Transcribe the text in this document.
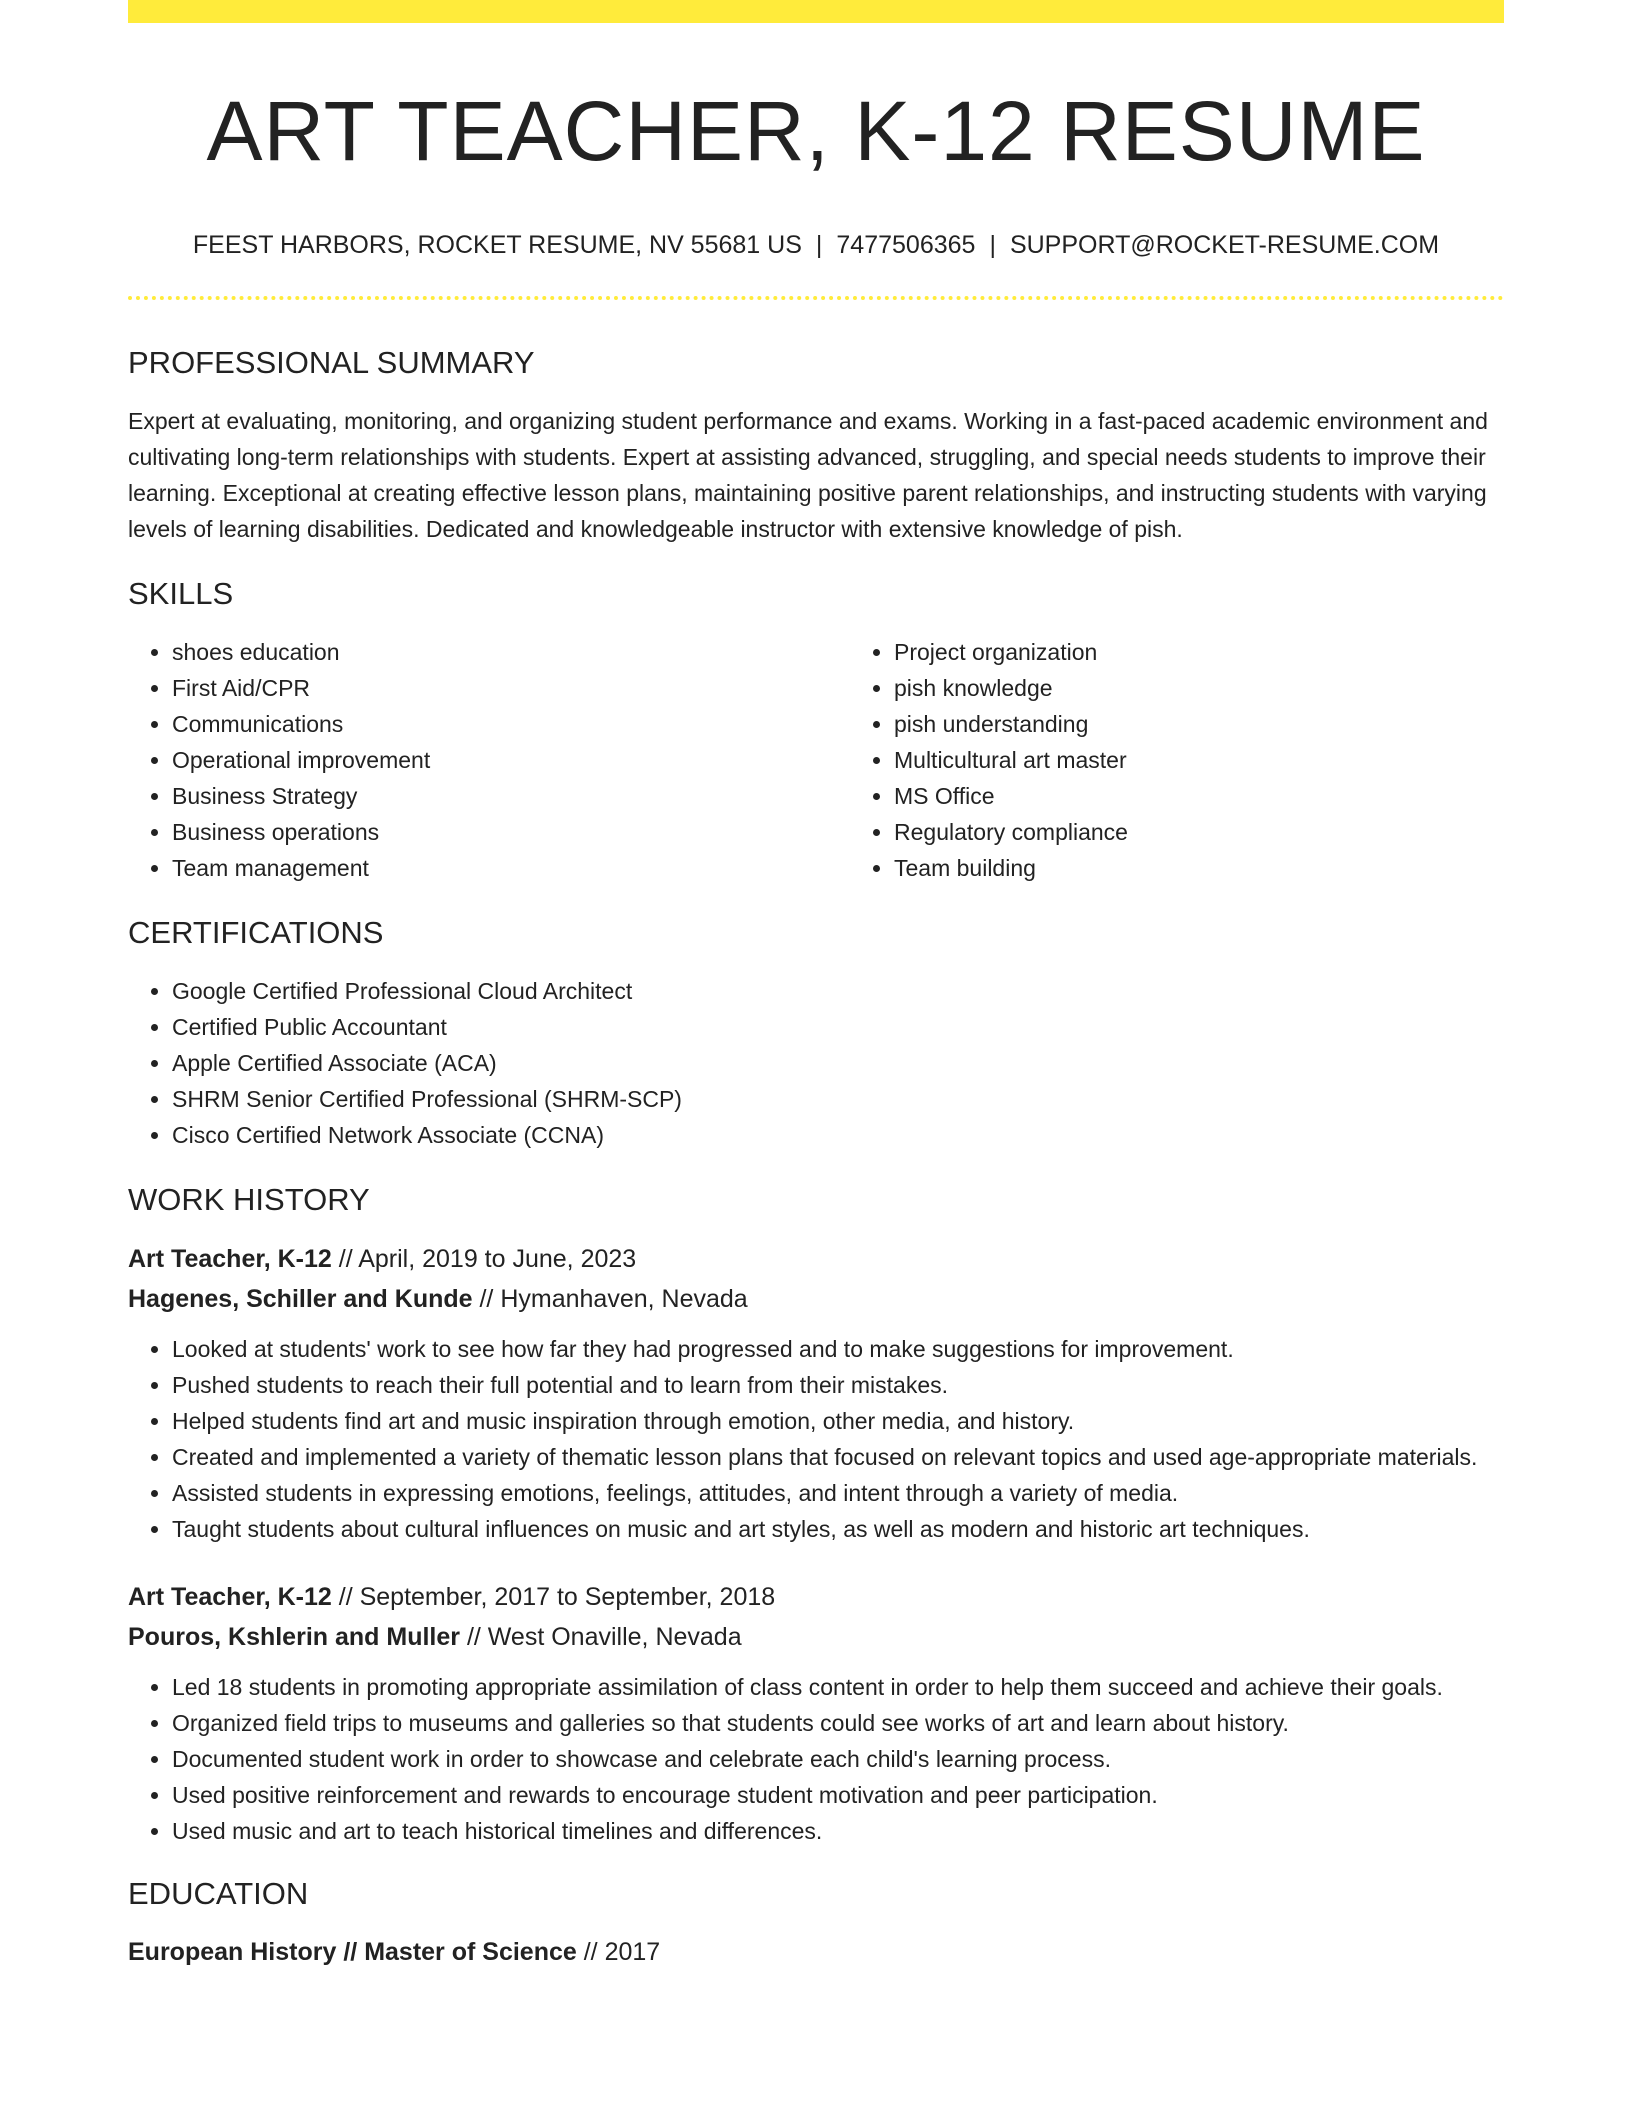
ART TEACHER, K-12 RESUME
FEEST HARBORS, ROCKET RESUME, NV 55681 US | 7477506365 | SUPPORT@ROCKET-RESUME.COM
PROFESSIONAL SUMMARY

Expert at evaluating, monitoring, and organizing student performance and exams. Working in a fast-paced academic environment and cultivating long-term relationships with students. Expert at assisting advanced, struggling, and special needs students to improve their learning. Exceptional at creating effective lesson plans, maintaining positive parent relationships, and instructing students with varying levels of learning disabilities. Dedicated and knowledgeable instructor with extensive knowledge of pish.

SKILLS
• shoes education
• First Aid/CPR
• Communications
• Operational improvement
• Business Strategy
• Business operations
• Team management
• Project organization
• pish knowledge
• pish understanding
• Multicultural art master
• MS Office
• Regulatory compliance
• Team building
CERTIFICATIONS
• Google Certified Professional Cloud Architect
• Certified Public Accountant
• Apple Certified Associate (ACA)
• SHRM Senior Certified Professional (SHRM-SCP)
• Cisco Certified Network Associate (CCNA)
WORK HISTORY
Art Teacher, K-12 // April, 2019 to June, 2023
Hagenes, Schiller and Kunde // Hymanhaven, Nevada
• Looked at students' work to see how far they had progressed and to make suggestions for improvement.
• Pushed students to reach their full potential and to learn from their mistakes.
• Helped students find art and music inspiration through emotion, other media, and history.
• Created and implemented a variety of thematic lesson plans that focused on relevant topics and used age-appropriate materials.
• Assisted students in expressing emotions, feelings, attitudes, and intent through a variety of media.
• Taught students about cultural influences on music and art styles, as well as modern and historic art techniques.
Art Teacher, K-12 // September, 2017 to September, 2018
Pouros, Kshlerin and Muller // West Onaville, Nevada
• Led 18 students in promoting appropriate assimilation of class content in order to help them succeed and achieve their goals.
• Organized field trips to museums and galleries so that students could see works of art and learn about history.
• Documented student work in order to showcase and celebrate each child's learning process.
• Used positive reinforcement and rewards to encourage student motivation and peer participation.
• Used music and art to teach historical timelines and differences.
EDUCATION
European History // Master of Science // 2017
